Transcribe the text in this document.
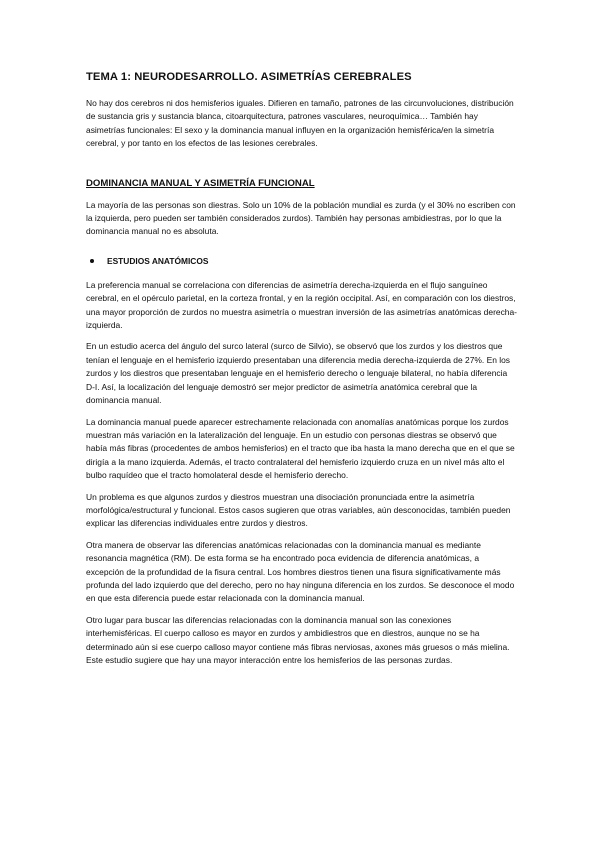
TEMA 1: NEURODESARROLLO. ASIMETRÍAS CEREBRALES

No hay dos cerebros ni dos hemisferios iguales. Difieren en tamaño, patrones de las circunvoluciones, distribución de sustancia gris y sustancia blanca, citoarquitectura, patrones vasculares, neuroquímica… También hay asimetrías funcionales: El sexo y la dominancia manual influyen en la organización hemisférica/en la simetría cerebral, y por tanto en los efectos de las lesiones cerebrales.

DOMINANCIA MANUAL Y ASIMETRÍA FUNCIONAL

La mayoría de las personas son diestras. Solo un 10% de la población mundial es zurda (y el 30% no escriben con la izquierda, pero pueden ser también considerados zurdos). También hay personas ambidiestras, por lo que la dominancia manual no es absoluta.

ESTUDIOS ANATÓMICOS

La preferencia manual se correlaciona con diferencias de asimetría derecha-izquierda en el flujo sanguíneo cerebral, en el opérculo parietal, en la corteza frontal, y en la región occipital. Así, en comparación con los diestros, una mayor proporción de zurdos no muestra asimetría o muestran inversión de las asimetrías anatómicas derecha-izquierda.

En un estudio acerca del ángulo del surco lateral (surco de Silvio), se observó que los zurdos y los diestros que tenían el lenguaje en el hemisferio izquierdo presentaban una diferencia media derecha-izquierda de 27%. En los zurdos y los diestros que presentaban lenguaje en el hemisferio derecho o lenguaje bilateral, no había diferencia D-I. Así, la localización del lenguaje demostró ser mejor predictor de asimetría anatómica cerebral que la dominancia manual.

La dominancia manual puede aparecer estrechamente relacionada con anomalías anatómicas porque los zurdos muestran más variación en la lateralización del lenguaje. En un estudio con personas diestras se observó que había más fibras (procedentes de ambos hemisferios) en el tracto que iba hasta la mano derecha que en el que se dirigía a la mano izquierda. Además, el tracto contralateral del hemisferio izquierdo cruza en un nivel más alto el bulbo raquídeo que el tracto homolateral desde el hemisferio derecho.

Un problema es que algunos zurdos y diestros muestran una disociación pronunciada entre la asimetría morfológica/estructural y funcional. Estos casos sugieren que otras variables, aún desconocidas, también pueden explicar las diferencias individuales entre zurdos y diestros.

Otra manera de observar las diferencias anatómicas relacionadas con la dominancia manual es mediante resonancia magnética (RM). De esta forma se ha encontrado poca evidencia de diferencia anatómicas, a excepción de la profundidad de la fisura central. Los hombres diestros tienen una fisura significativamente más profunda del lado izquierdo que del derecho, pero no hay ninguna diferencia en los zurdos. Se desconoce el modo en que esta diferencia puede estar relacionada con la dominancia manual.

Otro lugar para buscar las diferencias relacionadas con la dominancia manual son las conexiones interhemisféricas. El cuerpo calloso es mayor en zurdos y ambidiestros que en diestros, aunque no se ha determinado aún si ese cuerpo calloso mayor contiene más fibras nerviosas, axones más gruesos o más mielina. Este estudio sugiere que hay una mayor interacción entre los hemisferios de las personas zurdas.
